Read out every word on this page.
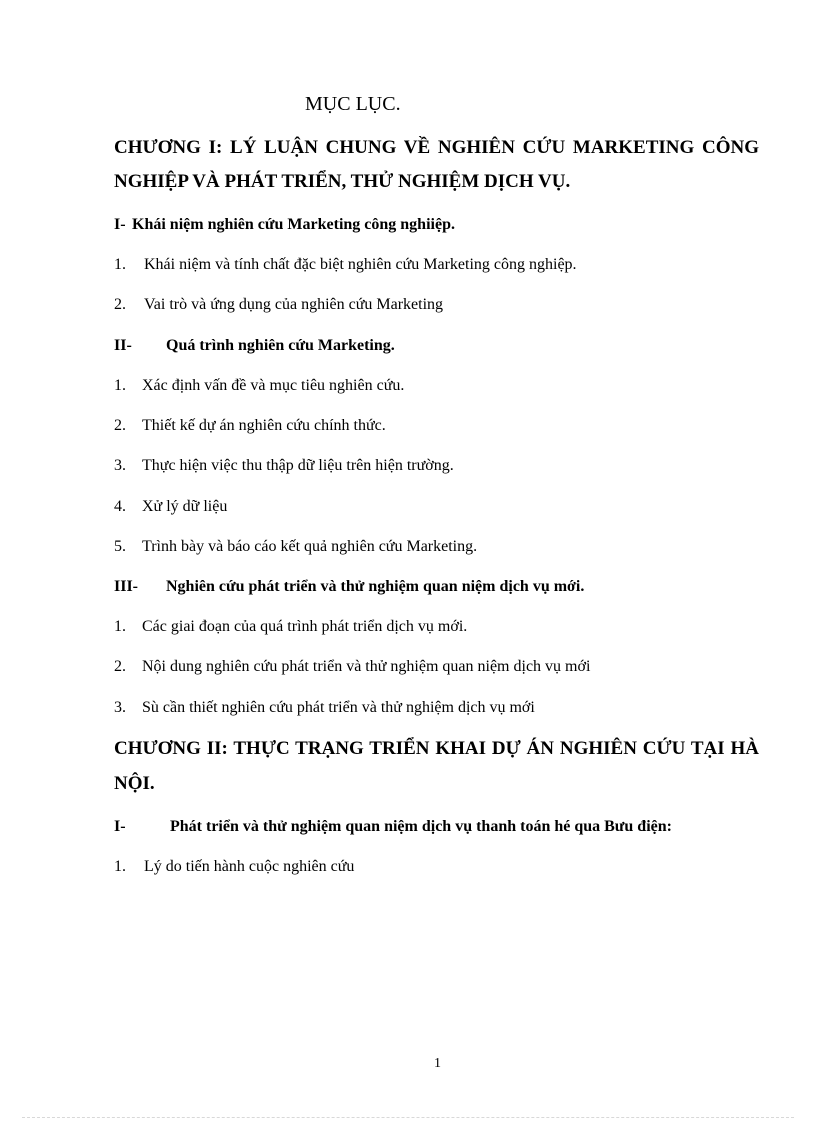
MỤC LỤC.
CHƯƠNG I: LÝ LUẬN CHUNG VỀ NGHIÊN CỨU MARKETING CÔNG
NGHIỆP VÀ PHÁT TRIỂN, THỬ NGHIỆM DỊCH VỤ.
I- Khái niệm nghiên cứu Marketing công nghiiệp.
1. Khái niệm và tính chất đặc biệt nghiên cứu Marketing công nghiệp.
2. Vai trò và ứng dụng của nghiên cứu Marketing
II- Quá trình nghiên cứu Marketing.
1. Xác định vấn đề và mục tiêu nghiên cứu.
2. Thiết kế dự án nghiên cứu chính thức.
3. Thực hiện việc thu thập dữ liệu trên hiện trường.
4. Xử lý dữ liệu
5. Trình bày và báo cáo kết quả nghiên cứu Marketing.
III- Nghiên cứu phát triển và thử nghiệm quan niệm dịch vụ mới.
1. Các giai đoạn của quá trình phát triển dịch vụ mới.
2. Nội dung nghiên cứu phát triển và thử nghiệm quan niệm dịch vụ mới
3. Sù cần thiết nghiên cứu phát triển và thử nghiệm dịch vụ mới
CHƯƠNG II: THỰC TRẠNG TRIỂN KHAI DỰ ÁN NGHIÊN CỨU TẠI HÀ
NỘI.
I-	Phát triển và thử nghiệm quan niệm dịch vụ thanh toán hé qua Bưu điện:
1. Lý do tiến hành cuộc nghiên cứu
1
